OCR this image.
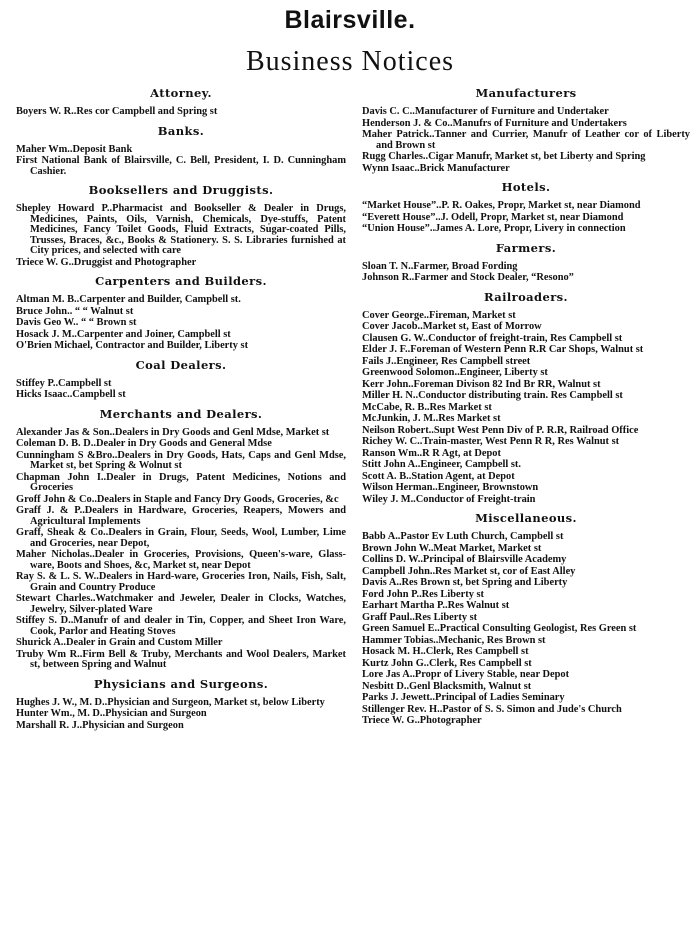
Blairsville.
Business Notices
Attorney.
Boyers W. R..Res cor Campbell and Spring st
Banks.
Maher Wm..Deposit Bank
First National Bank of Blairsville, C. Bell, President, I. D. Cunningham Cashier.
Booksellers and Druggists.
Shepley Howard P..Pharmacist and Bookseller & Dealer in Drugs, Medicines, Paints, Oils, Varnish, Chemicals, Dye-stuffs, Patent Medicines, Fancy Toilet Goods, Fluid Extracts, Sugar-coated Pills, Trusses, Braces, &c., Books & Stationery. S. S. Libraries furnished at City prices, and selected with care
Triece W. G..Druggist and Photographer
Carpenters and Builders.
Altman M. B..Carpenter and Builder, Campbell st.
Bruce John.. “ “ Walnut st
Davis Geo W.. “ “ Brown st
Hosack J. M..Carpenter and Joiner, Campbell st
O'Brien Michael, Contractor and Builder, Liberty st
Coal Dealers.
Stiffey P..Campbell st
Hicks Isaac..Campbell st
Merchants and Dealers.
Alexander Jas & Son..Dealers in Dry Goods and Genl Mdse, Market st
Coleman D. B. D..Dealer in Dry Goods and General Mdse
Cunningham S &Bro..Dealers in Dry Goods, Hats, Caps and Genl Mdse, Market st, bet Spring & Wolnut st
Chapman John I..Dealer in Drugs, Patent Medicines, Notions and Groceries
Groff John & Co..Dealers in Staple and Fancy Dry Goods, Groceries, &c
Graff J. & P..Dealers in Hardware, Groceries, Reapers, Mowers and Agricultural Implements
Graff, Sheak & Co..Dealers in Grain, Flour, Seeds, Wool, Lumber, Lime and Groceries, near Depot,
Maher Nicholas..Dealer in Groceries, Provisions, Queen's-ware, Glass-ware, Boots and Shoes, &c, Market st, near Depot
Ray S. & L. S. W..Dealers in Hard-ware, Groceries Iron, Nails, Fish, Salt, Grain and Country Produce
Stewart Charles..Watchmaker and Jeweler, Dealer in Clocks, Watches, Jewelry, Silver-plated Ware
Stiffey S. D..Manufr of and dealer in Tin, Copper, and Sheet Iron Ware, Cook, Parlor and Heating Stoves
Shurick A..Dealer in Grain and Custom Miller
Truby Wm R..Firm Bell & Truby, Merchants and Wool Dealers, Market st, between Spring and Walnut
Physicians and Surgeons.
Hughes J. W., M. D..Physician and Surgeon, Market st, below Liberty
Hunter Wm., M. D..Physician and Surgeon
Marshall R. J..Physician and Surgeon
Manufacturers
Davis C. C..Manufacturer of Furniture and Undertaker
Henderson J. & Co..Manufrs of Furniture and Undertakers
Maher Patrick..Tanner and Currier, Manufr of Leather cor of Liberty and Brown st
Rugg Charles..Cigar Manufr, Market st, bet Liberty and Spring
Wynn Isaac..Brick Manufacturer
Hotels.
“Market House”..P. R. Oakes, Propr, Market st, near Diamond
“Everett House”..J. Odell, Propr, Market st, near Diamond
“Union House”..James A. Lore, Propr, Livery in connection
Farmers.
Sloan T. N..Farmer, Broad Fording
Johnson R..Farmer and Stock Dealer, “Resono”
Railroaders.
Cover George..Fireman, Market st
Cover Jacob..Market st, East of Morrow
Clausen G. W..Conductor of freight-train, Res Campbell st
Elder J. F..Foreman of Western Penn R.R Car Shops, Walnut st
Fails J..Engineer, Res Campbell street
Greenwood Solomon..Engineer, Liberty st
Kerr John..Foreman Divison 82 Ind Br RR, Walnut st
Miller H. N..Conductor distributing train. Res Campbell st
McCabe, R. B..Res Market st
McJunkin, J. M..Res Market st
Neilson Robert..Supt West Penn Div of P. R.R, Railroad Office
Richey W. C..Train-master, West Penn R R, Res Walnut st
Ranson Wm..R R Agt, at Depot
Stitt John A..Engineer, Campbell st.
Scott A. B..Station Agent, at Depot
Wilson Herman..Engineer, Brownstown
Wiley J. M..Conductor of Freight-train
Miscellaneous.
Babb A..Pastor Ev Luth Church, Campbell st
Brown John W..Meat Market, Market st
Collins D. W..Principal of Blairsville Academy
Campbell John..Res Market st, cor of East Alley
Davis A..Res Brown st, bet Spring and Liberty
Ford John P..Res Liberty st
Earhart Martha P..Res Walnut st
Graff Paul..Res Liberty st
Green Samuel E..Practical Consulting Geologist, Res Green st
Hammer Tobias..Mechanic, Res Brown st
Hosack M. H..Clerk, Res Campbell st
Kurtz John G..Clerk, Res Campbell st
Lore Jas A..Propr of Livery Stable, near Depot
Nesbitt D..Genl Blacksmith, Walnut st
Parks J. Jewett..Principal of Ladies Seminary
Stillenger Rev. H..Pastor of S. S. Simon and Jude's Church
Triece W. G..Photographer
